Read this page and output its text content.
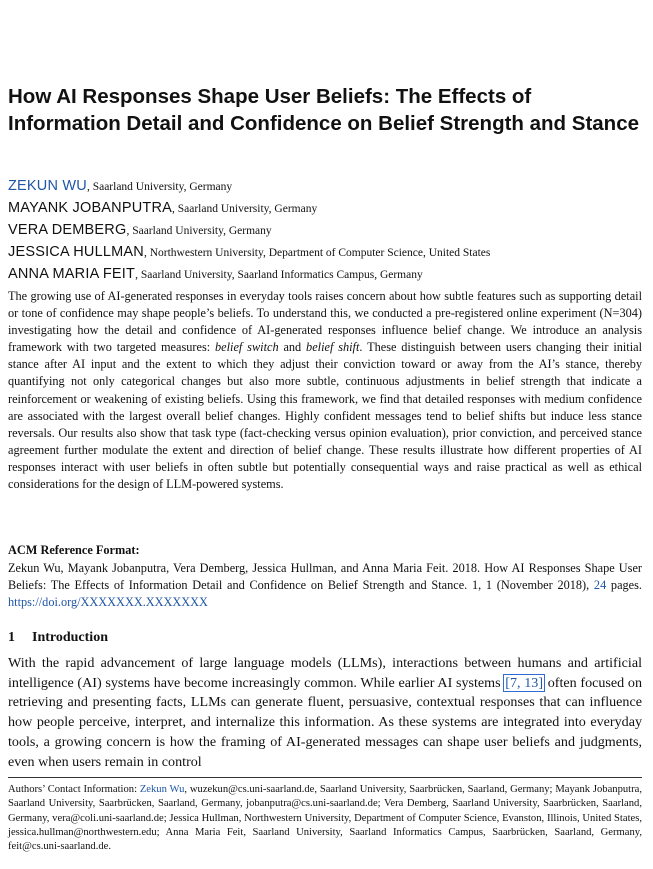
How AI Responses Shape User Beliefs: The Effects of Information Detail and Confidence on Belief Strength and Stance
ZEKUN WU, Saarland University, Germany
MAYANK JOBANPUTRA, Saarland University, Germany
VERA DEMBERG, Saarland University, Germany
JESSICA HULLMAN, Northwestern University, Department of Computer Science, United States
ANNA MARIA FEIT, Saarland University, Saarland Informatics Campus, Germany

The growing use of AI-generated responses in everyday tools raises concern about how subtle features such as supporting detail or tone of confidence may shape people’s beliefs. To understand this, we conducted a pre-registered online experiment (N=304) investigating how the detail and confidence of AI-generated responses influence belief change. We introduce an analysis framework with two targeted measures: belief switch and belief shift. These distinguish between users changing their initial stance after AI input and the extent to which they adjust their conviction toward or away from the AI’s stance, thereby quantifying not only categorical changes but also more subtle, continuous adjustments in belief strength that indicate a reinforcement or weakening of existing beliefs. Using this framework, we find that detailed responses with medium confidence are associated with the largest overall belief changes. Highly confident messages tend to belief shifts but induce less stance reversals. Our results also show that task type (fact-checking versus opinion evaluation), prior conviction, and perceived stance agreement further modulate the extent and direction of belief change. These results illustrate how different properties of AI responses interact with user beliefs in often subtle but potentially consequential ways and raise practical as well as ethical considerations for the design of LLM-powered systems.

ACM Reference Format:

Zekun Wu, Mayank Jobanputra, Vera Demberg, Jessica Hullman, and Anna Maria Feit. 2018. How AI Responses Shape User Beliefs: The Effects of Information Detail and Confidence on Belief Strength and Stance. 1, 1 (November 2018), 24 pages. https://doi.org/XXXXXXX.XXXXXXX

1 Introduction

With the rapid advancement of large language models (LLMs), interactions between humans and artificial intelligence (AI) systems have become increasingly common. While earlier AI systems [7, 13] often focused on retrieving and presenting facts, LLMs can generate fluent, persuasive, contextual responses that can influence how people perceive, interpret, and internalize this information. As these systems are integrated into everyday tools, a growing concern is how the framing of AI-generated messages can shape user beliefs and judgments, even when users remain in control

Authors’ Contact Information: Zekun Wu, wuzekun@cs.uni-saarland.de, Saarland University, Saarbrücken, Saarland, Germany; Mayank Jobanputra, Saarland University, Saarbrücken, Saarland, Germany, jobanputra@cs.uni-saarland.de; Vera Demberg, Saarland University, Saarbrücken, Saarland, Germany, vera@coli.uni-saarland.de; Jessica Hullman, Northwestern University, Department of Computer Science, Evanston, Illinois, United States, jessica.hullman@northwestern.edu; Anna Maria Feit, Saarland University, Saarland Informatics Campus, Saarbrücken, Saarland, Germany, feit@cs.uni-saarland.de.
